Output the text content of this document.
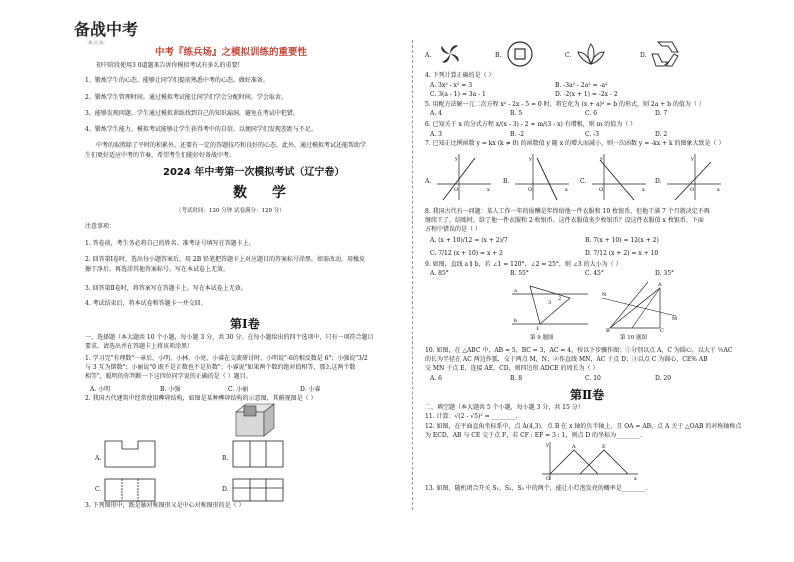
备战中考
· 练 兵 场 ·
中考『练兵场』之模拟训练的重要性
初中阶段使用3 0道题来告诉你模拟考试有多么的重要!
1、锻炼学生的心态。能够让同学们提前熟悉中考的心态。做好准备。
2、锻炼学生管理时间。通过模拟考试能让同学们学会分配时间，学会取舍。
3、能够发现问题。学生通过模拟训练找到自己的知识漏洞，避免在考试中犯错。
4、锻炼学生能力。模拟考试能够让学生获得考中的自信，以便同学们发现差距与不足。
中考的取胜除了平时的积累外，还要有一定的答题技巧和良好的心态。此外，通过模拟考试还能帮助学
生们更好适应中考的节奏，希望考生们能好好备战中考。
2024 年中考第一次模拟考试（辽宁卷）
数 学
（考试时间：120 分钟 试卷满分：120 分）
注意事项：
1. 答卷前，考生务必将自己的姓名、准考证号填写在答题卡上。
2. 回答第Ⅰ卷时，选出每小题答案后，用 2B 铅笔把答题卡上对应题目的答案标号涂黑。如需改动，用橡皮
擦干净后，再选涂其他答案标号。写在本试卷上无效。
3. 回答第Ⅱ卷时，将答案写在答题卡上。写在本试卷上无效。
4. 考试结束后，将本试卷和答题卡一并交回。
第Ⅰ卷
一、选择题（本大题共 10 个小题，每小题 3 分，共 30 分。在每小题给出的四个选项中，只有一项符合题目
要求，请选出并在答题卡上将该项涂黑）
1. 学习完"有理数"一章后，小明、小林、小亮、小睿在交流研讨时，小明说"-6的相反数是 6"；小强说"3/2
与 3 互为倒数"；小丽说"0 既不是正数也不是负数"；小睿说"如果两个数的绝对值相等，那么这两个数
相等"，聪明的你判断一下这四位同学说的正确的是（ ）题目。
A. 小明	B. 小强	C. 小丽	D. 小睿
2. 我国古代建筑中经常使用榫卯结构，如图是某种榫卯结构的示意图，其俯视图是（ ）
A.	B.
C.	D.
3. 下列图形中，既是轴对称图形又是中心对称图形的是（ ）
A.	B.	C.	D.
4. 下列计算正确的是（ ）
A. 3x² - x² = 3	B. -3a² - 2a² = -a²
C. 3(a - 1) = 3a - 1	D. -2(x + 1) = -2x - 2
5. 用配方法解一元二次方程 x² - 2x - 5 = 0 时，将它化为 (x + a)² = b 的形式，则 2a + b 的值为（ ）
A. 4	B. 5	C. 6	D. 7
6. 已知关于 x 的分式方程 x/(x - 3) - 2 = m/(3 - x) 有增根，则 m 的值为（ ）
A. 3	B. -2	C. -3	D. 2
7. 已知正比例函数 y = kx (k ≠ 0) 的函数值 y 随 x 的增大而减小，则一次函数 y = -kx + k 的图象大致是（ ）
A.
y
x
O
B.
y
x
O
C.
y
x
O
D.
y
x
O
8. 我国古代有一问题：某人工作一年的报酬是年终给他一件衣服和 10 枚银币，但他干满 7 个月就决定不再
继续干了，结账时，给了他一件衣服和 2 枚银币。这件衣服值多少枚银币？设这件衣服值 x 枚银币，下面
方程中错误的是（ ）
A. (x + 10)/12 = (x + 2)/7	B. 7(x + 10) = 12(x + 2)
C. 7/12 (x + 10) = x + 2	D. 7/12 (x + 2) = x + 10
9. 如图，直线 a ∥ b，若 ∠1 = 120°，∠2 = 25°，则 ∠3 的大小为（ ）
A. 85°	B. 55°	C. 45°	D. 35°
a
b
1
2
3
第 9 题图
N
M
A
B	C
第 10 题图
10. 如图，在 △ABC 中，AB = 5，BC = 3，AC = 4，按以下步骤作图：①分别以点 A，C 为圆心，以大于 ½AC
的长为半径在 AC 两边作弧，交于两点 M，N；②作直线 MN，AC 于点 D；③以点 C 为圆心，CE% AB
交 MN 于点 E，连接 AE，CD，则四边形 ADCE 的周长为（ ）
A. 6	B. 8	C. 10	D. 20
第Ⅱ卷
二、填空题（本大题共 5 个小题，每小题 3 分，共 15 分）
11. 计算：√(2 - √5)² = ________.
12. 如图，在平面直角坐标系中，点 A(4,3)，点 B 在 x 轴的负半轴上，且 OA = AB，点 A 关于 △OAB 的对称轴称点
为 ECD，AB 与 CE 交于点 F，若 CF : EF = 3 : 1，则点 D 的坐标为________.
O
A	E
x
y
13. 如图，随机闭合开关 S₁、S₂、S₃ 中的两个，能让小灯泡发亮的概率是________.
